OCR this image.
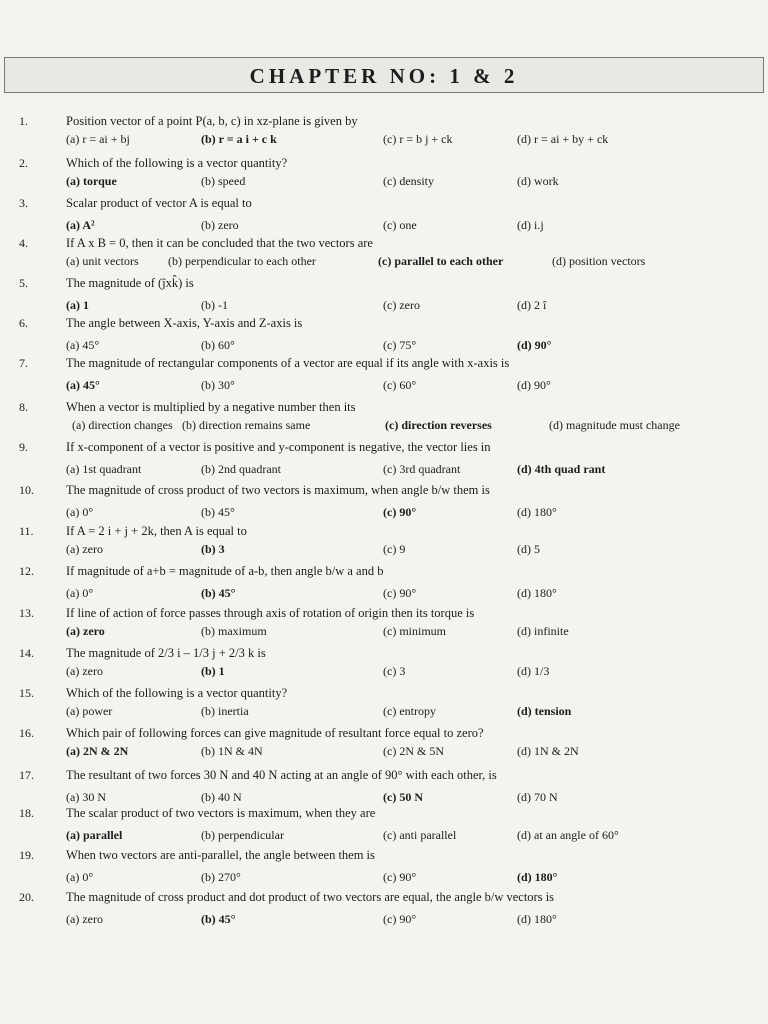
CHAPTER NO: 1 & 2
1.	Position vector of a point P(a, b, c) in xz-plane is given by
(a) r = ai + bj	(b) r = a i + c k	(c) r = b j + ck	(d) r = ai + by + ck
2.	Which of the following is a vector quantity?
(a) torque	(b) speed	(c) density	(d) work
3.	Scalar product of vector A is equal to
(a) A²	(b) zero	(c) one	(d) i.j
4.	If A x B = 0, then it can be concluded that the two vectors are
(a) unit vectors (b) perpendicular to each other	(c) parallel to each other	(d) position vectors
5.	The magnitude of (ĵxk̂) is
(a) 1	(b) -1	(c) zero	(d) 2 î
6.	The angle between X-axis, Y-axis and Z-axis is
(a) 45°	(b) 60°	(c) 75°	(d) 90°
7.	The magnitude of rectangular components of a vector are equal if its angle with x-axis is
(a) 45°	(b) 30°	(c) 60°	(d) 90°
8.	When a vector is multiplied by a negative number then its
(a) direction changes (b) direction remains same	(c) direction reverses	(d) magnitude must change
9.	If x-component of a vector is positive and y-component is negative, the vector lies in
(a) 1st quadrant	(b) 2nd quadrant	(c) 3rd quadrant	(d) 4th quad rant
10.	The magnitude of cross product of two vectors is maximum, when angle b/w them is
(a) 0°	(b) 45°	(c) 90°	(d) 180°
11.	If A = 2 i + j + 2k, then A is equal to
(a) zero	(b) 3	(c) 9	(d) 5
12.	If magnitude of a+b = magnitude of a-b, then angle b/w a and b
(a) 0°	(b) 45°	(c) 90°	(d) 180°
13.	If line of action of force passes through axis of rotation of origin then its torque is
(a) zero	(b) maximum	(c) minimum	(d) infinite
14.	The magnitude of 2/3 i – 1/3 j + 2/3 k is
(a) zero	(b) 1	(c) 3	(d) 1/3
15.	Which of the following is a vector quantity?
(a) power	(b) inertia	(c) entropy	(d) tension
16.	Which pair of following forces can give magnitude of resultant force equal to zero?
(a) 2N & 2N	(b) 1N & 4N	(c) 2N & 5N	(d) 1N & 2N
17.	The resultant of two forces 30 N and 40 N acting at an angle of 90° with each other, is
(a) 30 N	(b) 40 N	(c) 50 N	(d) 70 N
18.	The scalar product of two vectors is maximum, when they are
(a) parallel	(b) perpendicular	(c) anti parallel	(d) at an angle of 60°
19.	When two vectors are anti-parallel, the angle between them is
(a) 0°	(b) 270°	(c) 90°	(d) 180°
20.	The magnitude of cross product and dot product of two vectors are equal, the angle b/w vectors is
(a) zero	(b) 45°	(c) 90°	(d) 180°
